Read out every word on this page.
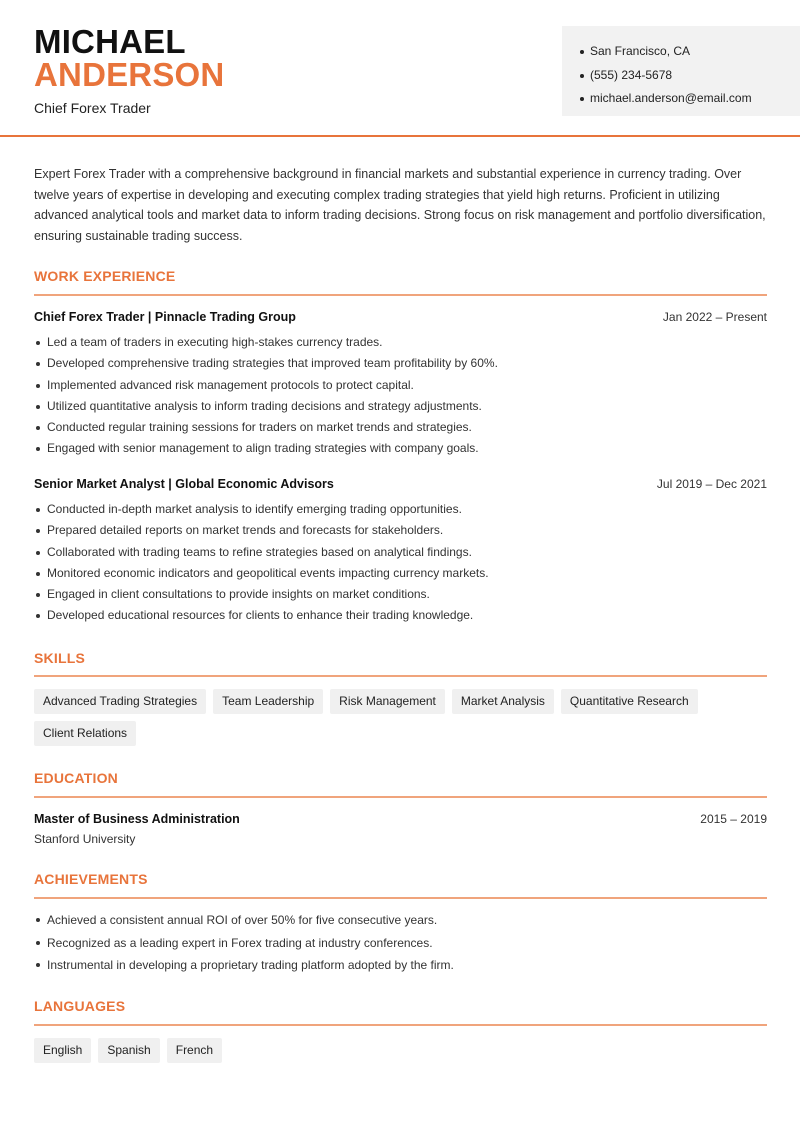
MICHAEL
ANDERSON
Chief Forex Trader
San Francisco, CA
(555) 234-5678
michael.anderson@email.com

Expert Forex Trader with a comprehensive background in financial markets and substantial experience in currency trading. Over twelve years of expertise in developing and executing complex trading strategies that yield high returns. Proficient in utilizing advanced analytical tools and market data to inform trading decisions. Strong focus on risk management and portfolio diversification, ensuring sustainable trading success.

WORK EXPERIENCE
Chief Forex Trader | Pinnacle Trading Group	Jan 2022 – Present
Led a team of traders in executing high-stakes currency trades.
Developed comprehensive trading strategies that improved team profitability by 60%.
Implemented advanced risk management protocols to protect capital.
Utilized quantitative analysis to inform trading decisions and strategy adjustments.
Conducted regular training sessions for traders on market trends and strategies.
Engaged with senior management to align trading strategies with company goals.
Senior Market Analyst | Global Economic Advisors	Jul 2019 – Dec 2021
Conducted in-depth market analysis to identify emerging trading opportunities.
Prepared detailed reports on market trends and forecasts for stakeholders.
Collaborated with trading teams to refine strategies based on analytical findings.
Monitored economic indicators and geopolitical events impacting currency markets.
Engaged in client consultations to provide insights on market conditions.
Developed educational resources for clients to enhance their trading knowledge.
SKILLS
Advanced Trading Strategies	Team Leadership	Risk Management	Market Analysis	Quantitative Research
Client Relations
EDUCATION
Master of Business Administration	2015 – 2019
Stanford University
ACHIEVEMENTS
Achieved a consistent annual ROI of over 50% for five consecutive years.
Recognized as a leading expert in Forex trading at industry conferences.
Instrumental in developing a proprietary trading platform adopted by the firm.
LANGUAGES
English	Spanish	French
